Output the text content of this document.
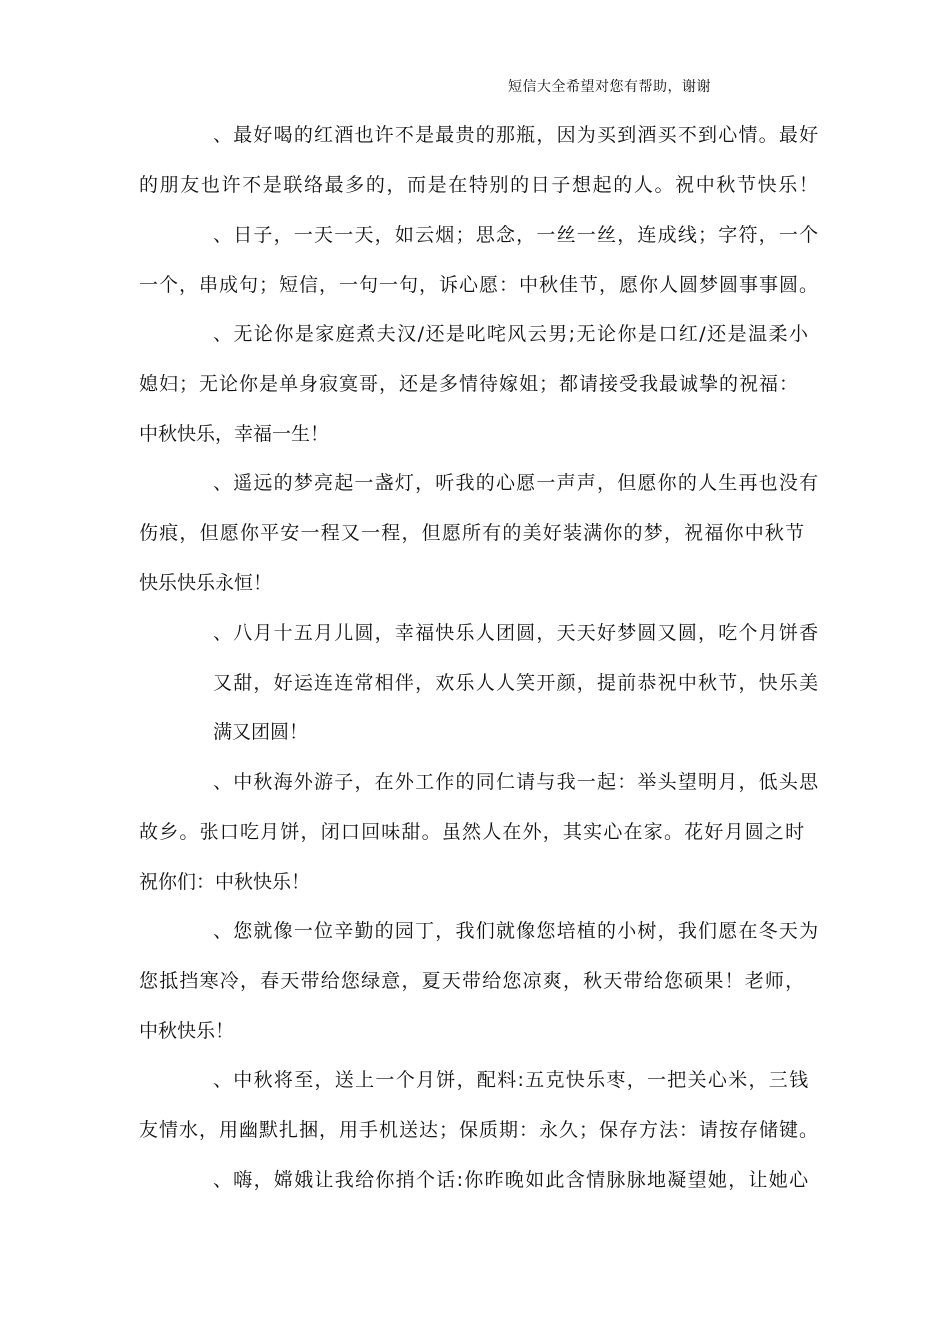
短信大全希望对您有帮助，谢谢
、最好喝的红酒也许不是最贵的那瓶，因为买到酒买不到心情。最好
的朋友也许不是联络最多的，而是在特别的日子想起的人。祝中秋节快乐！
、日子，一天一天，如云烟；思念，一丝一丝，连成线；字符，一个
一个，串成句；短信，一句一句，诉心愿：中秋佳节，愿你人圆梦圆事事圆。
、无论你是家庭煮夫汉/还是叱咤风云男;无论你是口红/还是温柔小
媳妇；无论你是单身寂寞哥，还是多情待嫁姐；都请接受我最诚挚的祝福：
中秋快乐，幸福一生！
、遥远的梦亮起一盏灯，听我的心愿一声声，但愿你的人生再也没有
伤痕，但愿你平安一程又一程，但愿所有的美好装满你的梦，祝福你中秋节
快乐快乐永恒！
、八月十五月儿圆，幸福快乐人团圆，天天好梦圆又圆，吃个月饼香
又甜，好运连连常相伴，欢乐人人笑开颜，提前恭祝中秋节，快乐美
满又团圆！
、中秋海外游子，在外工作的同仁请与我一起：举头望明月，低头思
故乡。张口吃月饼，闭口回味甜。虽然人在外，其实心在家。花好月圆之时
祝你们：中秋快乐！
、您就像一位辛勤的园丁，我们就像您培植的小树，我们愿在冬天为
您抵挡寒冷，春天带给您绿意，夏天带给您凉爽，秋天带给您硕果！老师，
中秋快乐！
、中秋将至，送上一个月饼，配料:五克快乐枣，一把关心米，三钱
友情水，用幽默扎捆，用手机送达；保质期：永久；保存方法：请按存储键。
、嗨，嫦娥让我给你捎个话:你昨晚如此含情脉脉地凝望她，让她心
